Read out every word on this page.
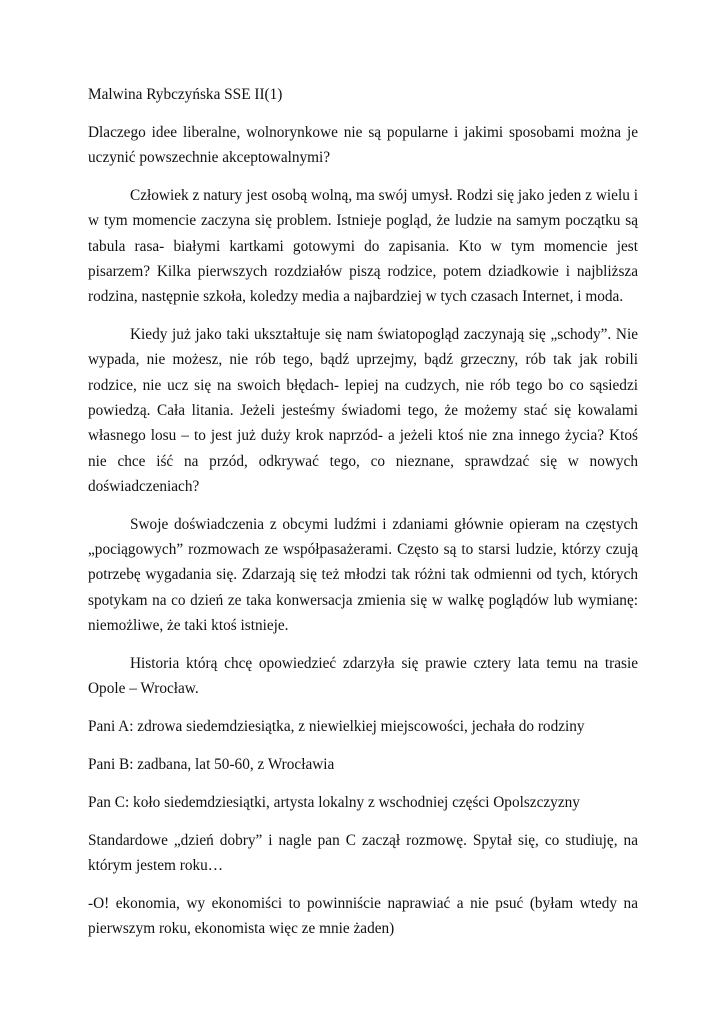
Malwina Rybczyńska SSE II(1)

Dlaczego idee liberalne, wolnorynkowe nie są popularne i jakimi sposobami można je uczynić powszechnie akceptowalnymi?

Człowiek z natury jest osobą wolną, ma swój umysł. Rodzi się jako jeden z wielu i w tym momencie zaczyna się problem. Istnieje pogląd, że ludzie na samym początku są tabula rasa- białymi kartkami gotowymi do zapisania. Kto w tym momencie jest pisarzem? Kilka pierwszych rozdziałów piszą rodzice, potem dziadkowie i najbliższa rodzina, następnie szkoła, koledzy media a najbardziej w tych czasach Internet, i moda.

Kiedy już jako taki ukształtuje się nam światopogląd zaczynają się „schody”. Nie wypada, nie możesz, nie rób tego, bądź uprzejmy, bądź grzeczny, rób tak jak robili rodzice, nie ucz się na swoich błędach- lepiej na cudzych, nie rób tego bo co sąsiedzi powiedzą. Cała litania. Jeżeli jesteśmy świadomi tego, że możemy stać się kowalami własnego losu – to jest już duży krok naprzód- a jeżeli ktoś nie zna innego życia? Ktoś nie chce iść na przód, odkrywać tego, co nieznane, sprawdzać się w nowych doświadczeniach?

Swoje doświadczenia z obcymi ludźmi i zdaniami głównie opieram na częstych „pociągowych” rozmowach ze współpasażerami. Często są to starsi ludzie, którzy czują potrzebę wygadania się. Zdarzają się też młodzi tak różni tak odmienni od tych, których spotykam na co dzień ze taka konwersacja zmienia się w walkę poglądów lub wymianę: niemożliwe, że taki ktoś istnieje.

Historia którą chcę opowiedzieć zdarzyła się prawie cztery lata temu na trasie Opole – Wrocław.

Pani A: zdrowa siedemdziesiątka, z niewielkiej miejscowości, jechała do rodziny

Pani B: zadbana, lat 50-60, z Wrocławia

Pan C: koło siedemdziesiątki, artysta lokalny z wschodniej części Opolszczyzny

Standardowe „dzień dobry” i nagle pan C zaczął rozmowę. Spytał się, co studiuję, na którym jestem roku…

-O! ekonomia, wy ekonomiści to powinniście naprawiać a nie psuć (byłam wtedy na pierwszym roku, ekonomista więc ze mnie żaden)
